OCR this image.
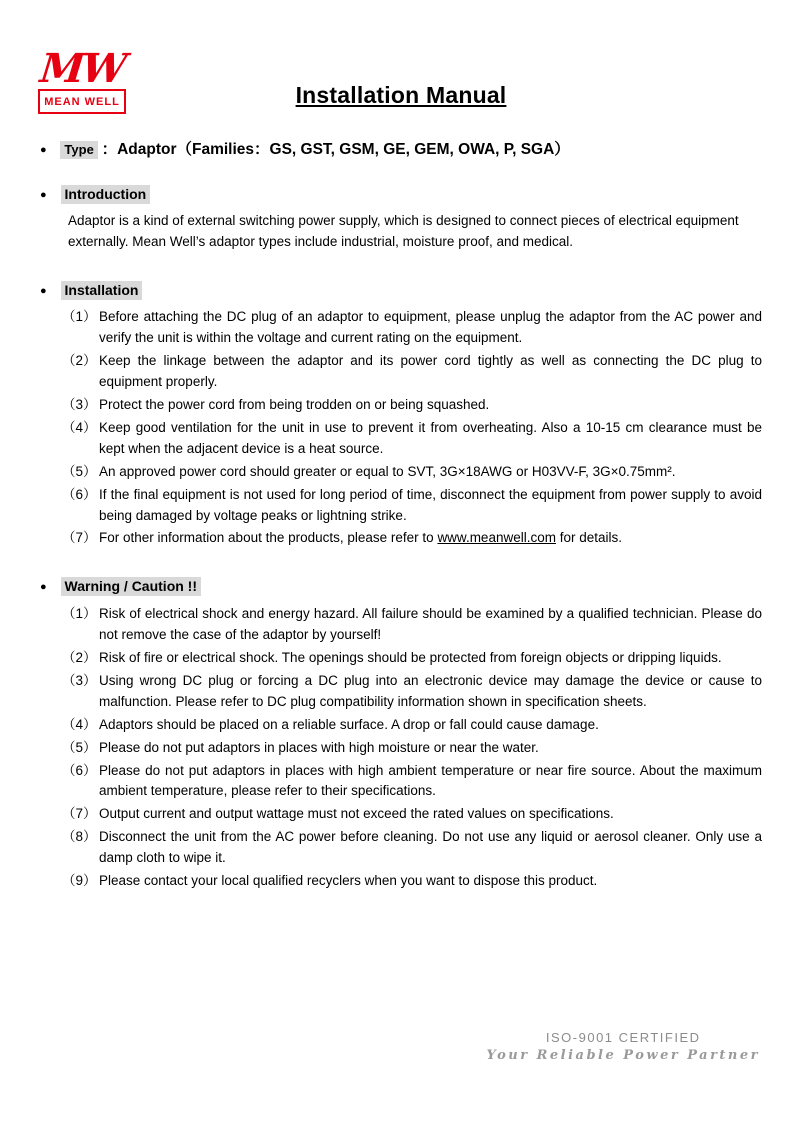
MW
MEAN WELL	Installation Manual
● Type ：Adaptor（Families：GS, GST, GSM, GE, GEM, OWA, P, SGA）
● Introduction

Adaptor is a kind of external switching power supply, which is designed to connect pieces of electrical equipment externally. Mean Well’s adaptor types include industrial, moisture proof, and medical.

● Installation
（1） Before attaching the DC plug of an adaptor to equipment, please unplug the adaptor from the AC power and verify the unit is within the voltage and current rating on the equipment.
（2） Keep the linkage between the adaptor and its power cord tightly as well as connecting the DC plug to equipment properly.
（3） Protect the power cord from being trodden on or being squashed.
（4） Keep good ventilation for the unit in use to prevent it from overheating. Also a 10-15 cm clearance must be kept when the adjacent device is a heat source.
（5） An approved power cord should greater or equal to SVT, 3G×18AWG or H03VV-F, 3G×0.75mm².
（6） If the final equipment is not used for long period of time, disconnect the equipment from power supply to avoid being damaged by voltage peaks or lightning strike.
（7） For other information about the products, please refer to www.meanwell.com for details.
● Warning / Caution !!
（1） Risk of electrical shock and energy hazard. All failure should be examined by a qualified technician. Please do not remove the case of the adaptor by yourself!
（2） Risk of fire or electrical shock. The openings should be protected from foreign objects or dripping liquids.
（3） Using wrong DC plug or forcing a DC plug into an electronic device may damage the device or cause to malfunction. Please refer to DC plug compatibility information shown in specification sheets.
（4） Adaptors should be placed on a reliable surface. A drop or fall could cause damage.
（5） Please do not put adaptors in places with high moisture or near the water.
（6） Please do not put adaptors in places with high ambient temperature or near fire source. About the maximum ambient temperature, please refer to their specifications.
（7） Output current and output wattage must not exceed the rated values on specifications.
（8） Disconnect the unit from the AC power before cleaning. Do not use any liquid or aerosol cleaner. Only use a damp cloth to wipe it.
（9） Please contact your local qualified recyclers when you want to dispose this product.
ISO-9001 CERTIFIED
Your Reliable Power Partner
